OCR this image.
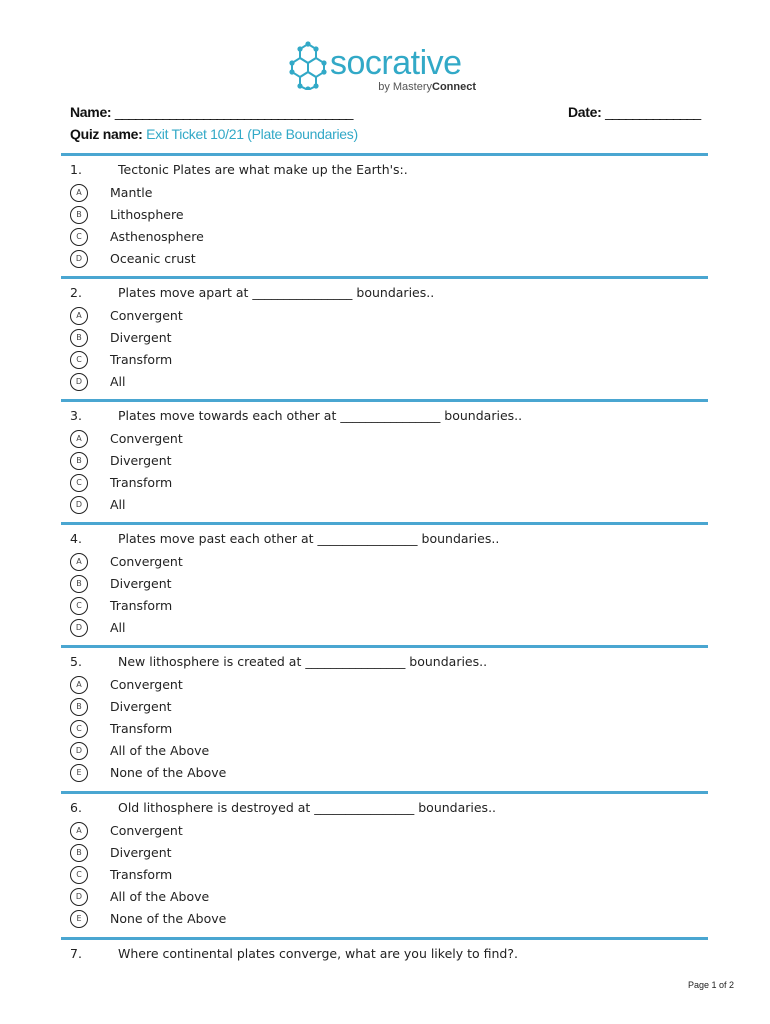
socrative
by MasteryConnect
Name: ___________________________________	Date: ______________
Quiz name: Exit Ticket 10/21 (Plate Boundaries)
1.	Tectonic Plates are what make up the Earth's:.
A	Mantle
B	Lithosphere
C	Asthenosphere
D	Oceanic crust
2.	Plates move apart at ________________ boundaries..
A	Convergent
B	Divergent
C	Transform
D	All
3.	Plates move towards each other at ________________ boundaries..
A	Convergent
B	Divergent
C	Transform
D	All
4.	Plates move past each other at ________________ boundaries..
A	Convergent
B	Divergent
C	Transform
D	All
5.	New lithosphere is created at ________________ boundaries..
A	Convergent
B	Divergent
C	Transform
D	All of the Above
E	None of the Above
6.	Old lithosphere is destroyed at ________________ boundaries..
A	Convergent
B	Divergent
C	Transform
D	All of the Above
E	None of the Above
7.	Where continental plates converge, what are you likely to find?.
Page 1 of 2
